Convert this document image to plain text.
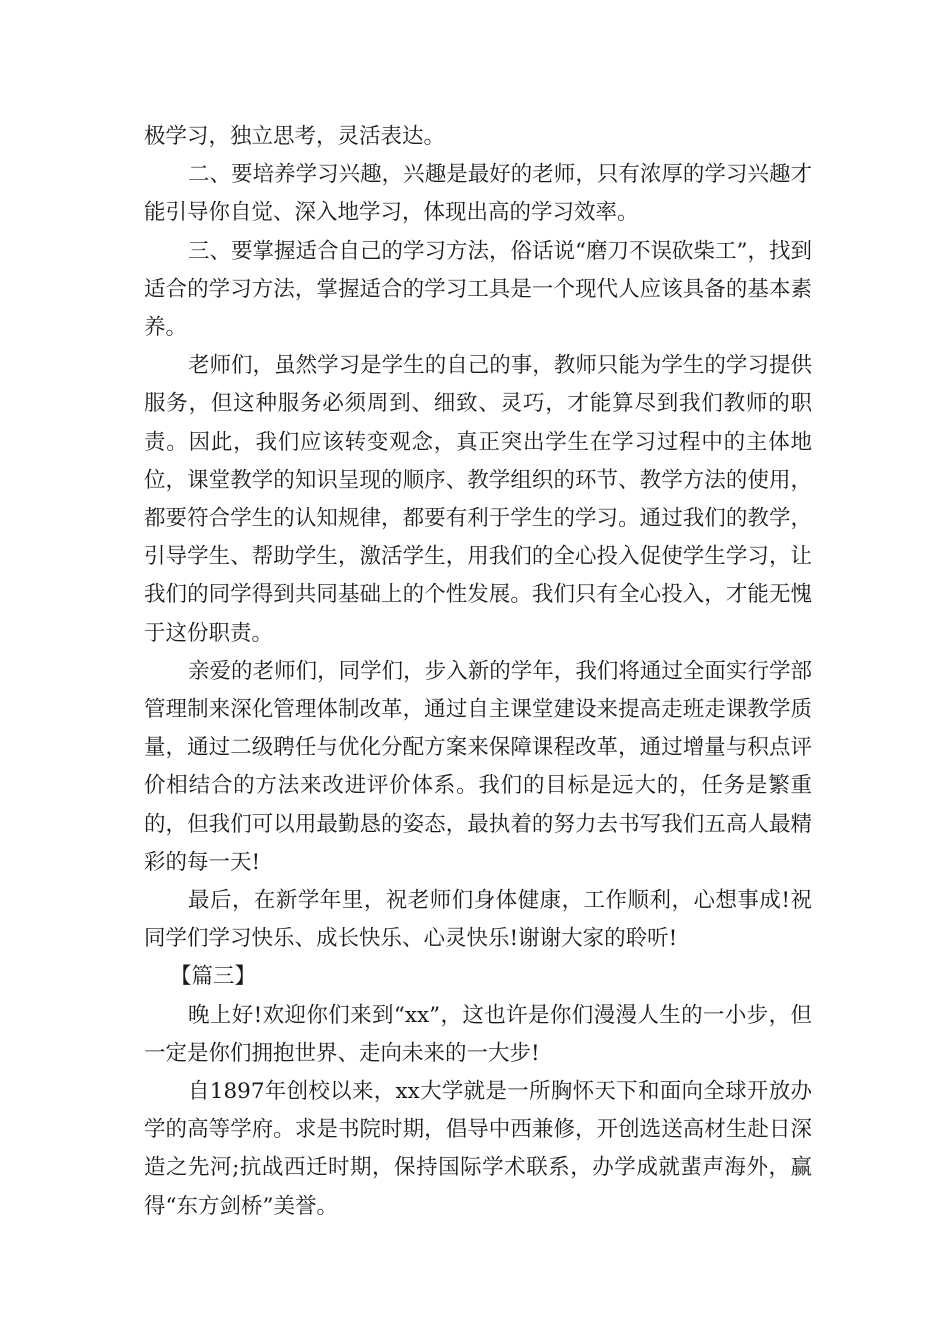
极学习，独立思考，灵活表达。

二、要培养学习兴趣，兴趣是最好的老师，只有浓厚的学习兴趣才能引导你自觉、深入地学习，体现出高的学习效率。

三、要掌握适合自己的学习方法，俗话说“磨刀不误砍柴工”，找到适合的学习方法，掌握适合的学习工具是一个现代人应该具备的基本素养。

老师们，虽然学习是学生的自己的事，教师只能为学生的学习提供服务，但这种服务必须周到、细致、灵巧，才能算尽到我们教师的职责。因此，我们应该转变观念，真正突出学生在学习过程中的主体地位，课堂教学的知识呈现的顺序、教学组织的环节、教学方法的使用，都要符合学生的认知规律，都要有利于学生的学习。通过我们的教学，引导学生、帮助学生，激活学生，用我们的全心投入促使学生学习，让我们的同学得到共同基础上的个性发展。我们只有全心投入，才能无愧于这份职责。

亲爱的老师们，同学们，步入新的学年，我们将通过全面实行学部管理制来深化管理体制改革，通过自主课堂建设来提高走班走课教学质量，通过二级聘任与优化分配方案来保障课程改革，通过增量与积点评价相结合的方法来改进评价体系。我们的目标是远大的，任务是繁重的，但我们可以用最勤恳的姿态，最执着的努力去书写我们五高人最精彩的每一天!

最后，在新学年里，祝老师们身体健康，工作顺利，心想事成!祝同学们学习快乐、成长快乐、心灵快乐!谢谢大家的聆听!

【篇三】

晚上好!欢迎你们来到“xx”，这也许是你们漫漫人生的一小步，但一定是你们拥抱世界、走向未来的一大步!

自1897年创校以来，xx大学就是一所胸怀天下和面向全球开放办学的高等学府。求是书院时期，倡导中西兼修，开创选送高材生赴日深造之先河;抗战西迁时期，保持国际学术联系，办学成就蜚声海外，赢得“东方剑桥”美誉。
